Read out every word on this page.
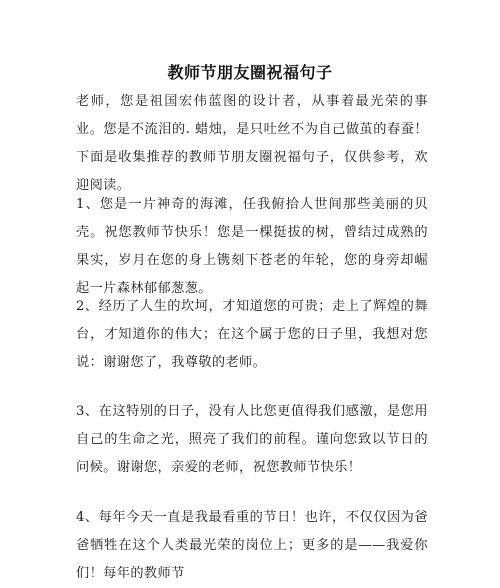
教师节朋友圈祝福句子

老师，您是祖国宏伟蓝图的设计者，从事着最光荣的事业。您是不流泪的. 蜡烛，是只吐丝不为自己做茧的春蚕！下面是收集推荐的教师节朋友圈祝福句子，仅供参考，欢迎阅读。

1、您是一片神奇的海滩，任我俯拾人世间那些美丽的贝壳。祝您教师节快乐！您是一棵挺拔的树，曾结过成熟的果实，岁月在您的身上镌刻下苍老的年轮，您的身旁却崛起一片森林郁郁葱葱。

2、经历了人生的坎坷，才知道您的可贵；走上了辉煌的舞台，才知道你的伟大；在这个属于您的日子里，我想对您说：谢谢您了，我尊敬的老师。

3、在这特别的日子，没有人比您更值得我们感激，是您用自己的生命之光，照亮了我们的前程。谨向您致以节日的问候。谢谢您，亲爱的老师，祝您教师节快乐！

4、每年今天一直是我最看重的节日！也许，不仅仅因为爸爸牺牲在这个人类最光荣的岗位上；更多的是——我爱你们！每年的教师节
